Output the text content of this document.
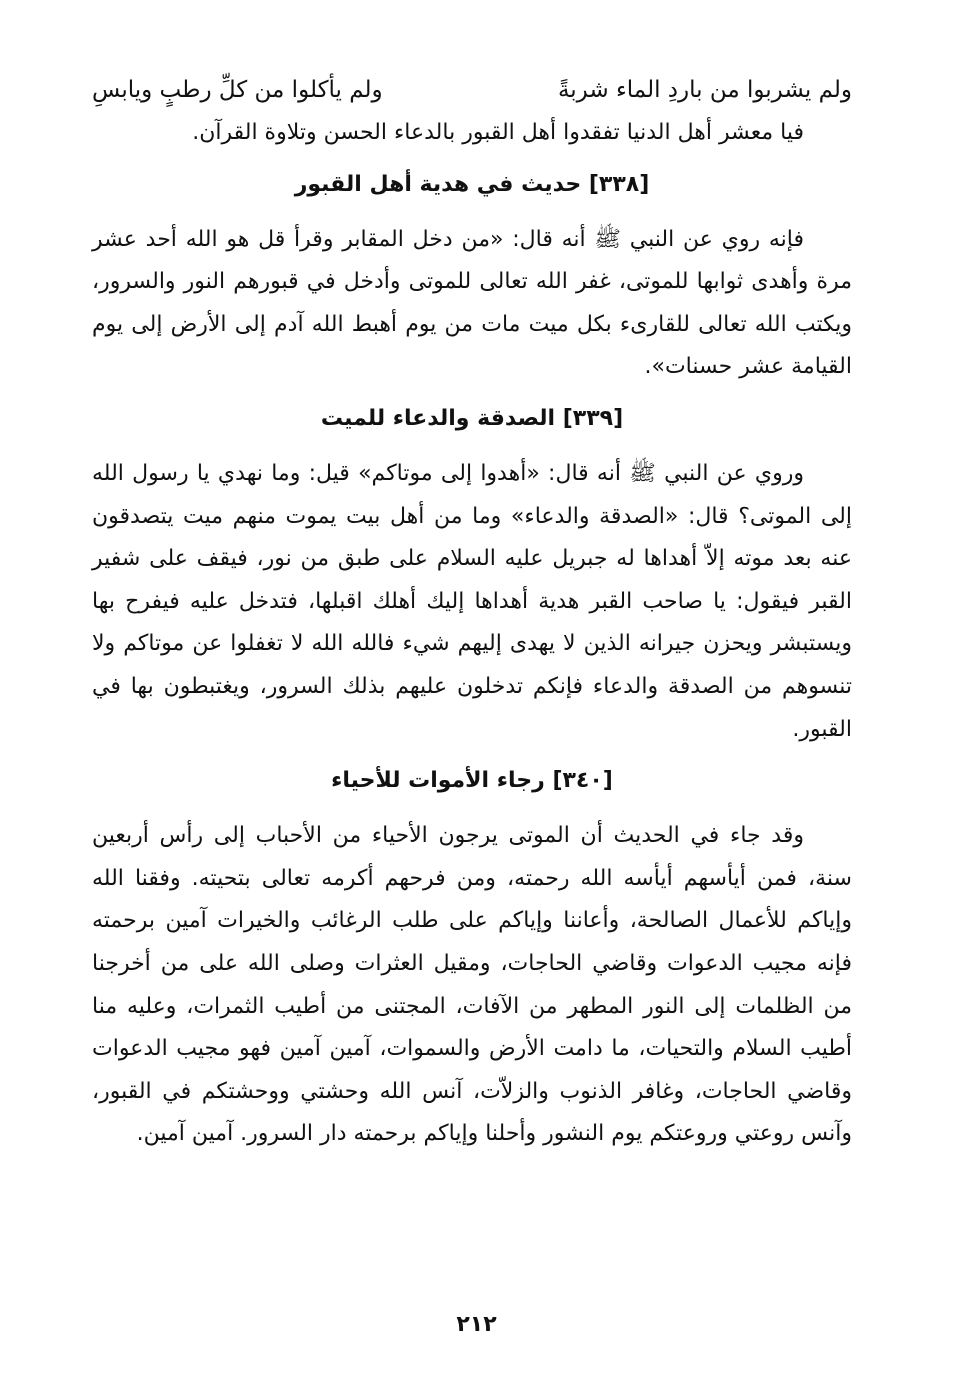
ولم يشربوا من باردِ الماء شربةً
ولم يأكلوا من كلِّ رطبٍ ويابسِ

فيا معشر أهل الدنيا تفقدوا أهل القبور بالدعاء الحسن وتلاوة القرآن.

[٣٣٨] حديث في هدية أهل القبور

فإنه روي عن النبي ﷺ أنه قال: «من دخل المقابر وقرأ قل هو الله أحد عشر مرة وأهدى ثوابها للموتى، غفر الله تعالى للموتى وأدخل في قبورهم النور والسرور، ويكتب الله تعالى للقارىء بكل ميت مات من يوم أهبط الله آدم إلى الأرض إلى يوم القيامة عشر حسنات».

[٣٣٩] الصدقة والدعاء للميت

وروي عن النبي ﷺ أنه قال: «أهدوا إلى موتاكم» قيل: وما نهدي يا رسول الله إلى الموتى؟ قال: «الصدقة والدعاء» وما من أهل بيت يموت منهم ميت يتصدقون عنه بعد موته إلاّ أهداها له جبريل عليه السلام على طبق من نور، فيقف على شفير القبر فيقول: يا صاحب القبر هدية أهداها إليك أهلك اقبلها، فتدخل عليه فيفرح بها ويستبشر ويحزن جيرانه الذين لا يهدى إليهم شيء فالله الله لا تغفلوا عن موتاكم ولا تنسوهم من الصدقة والدعاء فإنكم تدخلون عليهم بذلك السرور، ويغتبطون بها في القبور.

[٣٤٠] رجاء الأموات للأحياء

وقد جاء في الحديث أن الموتى يرجون الأحياء من الأحباب إلى رأس أربعين سنة، فمن أيأسهم أيأسه الله رحمته، ومن فرحهم أكرمه تعالى بتحيته. وفقنا الله وإياكم للأعمال الصالحة، وأعاننا وإياكم على طلب الرغائب والخيرات آمين برحمته فإنه مجيب الدعوات وقاضي الحاجات، ومقيل العثرات وصلى الله على من أخرجنا من الظلمات إلى النور المطهر من الآفات، المجتنى من أطيب الثمرات، وعليه منا أطيب السلام والتحيات، ما دامت الأرض والسموات، آمين آمين فهو مجيب الدعوات وقاضي الحاجات، وغافر الذنوب والزلاّت، آنس الله وحشتي ووحشتكم في القبور، وآنس روعتي وروعتكم يوم النشور وأحلنا وإياكم برحمته دار السرور. آمين آمين.

٢١٢
